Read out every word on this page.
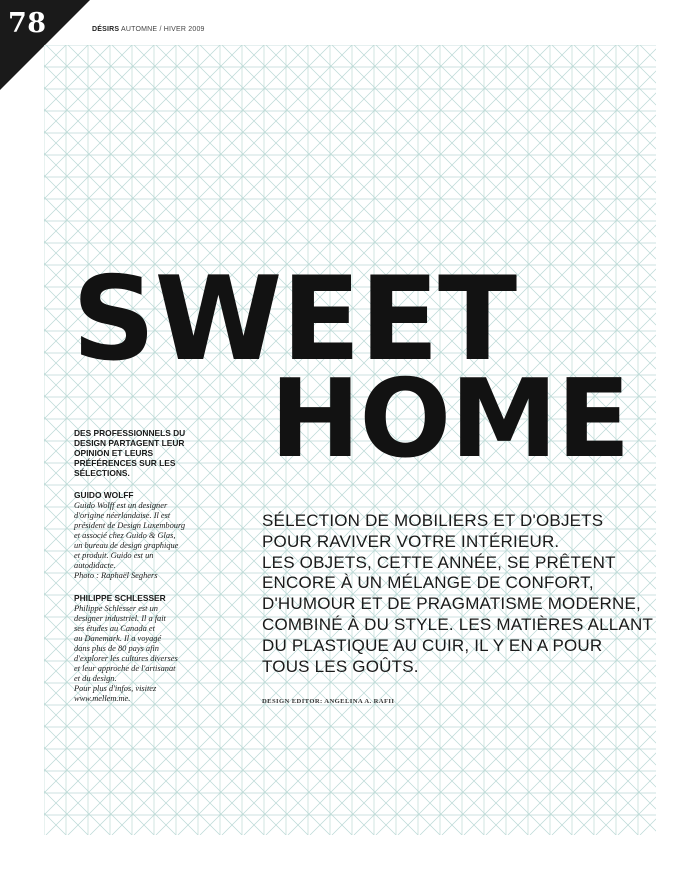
78	DÉSIRS AUTOMNE / HIVER 2009
SWEET
HOME

DES PROFESSIONNELS DU DESIGN PARTAGENT LEUR OPINION ET LEURS PRÉFÉRENCES SUR LES SÉLECTIONS.

GUIDO WOLFF

Guido Wolff est un designer
d'origine néerlandaise. Il est
président de Design Luxembourg
et associé chez Guido & Glas,
un bureau de design graphique
et produit. Guido est un
autodidacte.
Photo : Raphaël Seghers

PHILIPPE SCHLESSER

Philippe Schlesser est un
designer industriel. Il a fait
ses études au Canada et
au Danemark. Il a voyagé
dans plus de 80 pays afin
d'explorer les cultures diverses
et leur approche de l'artisanat
et du design.
Pour plus d'infos, visitez
www.mellem.me.

SÉLECTION DE MOBILIERS ET D'OBJETS
POUR RAVIVER VOTRE INTÉRIEUR.
LES OBJETS, CETTE ANNÉE, SE PRÊTENT
ENCORE À UN MÉLANGE DE CONFORT,
D'HUMOUR ET DE PRAGMATISME MODERNE,
COMBINÉ À DU STYLE. LES MATIÈRES ALLANT
DU PLASTIQUE AU CUIR, IL Y EN A POUR
TOUS LES GOÛTS.
DESIGN EDITOR: ANGELINA A. RAFII
